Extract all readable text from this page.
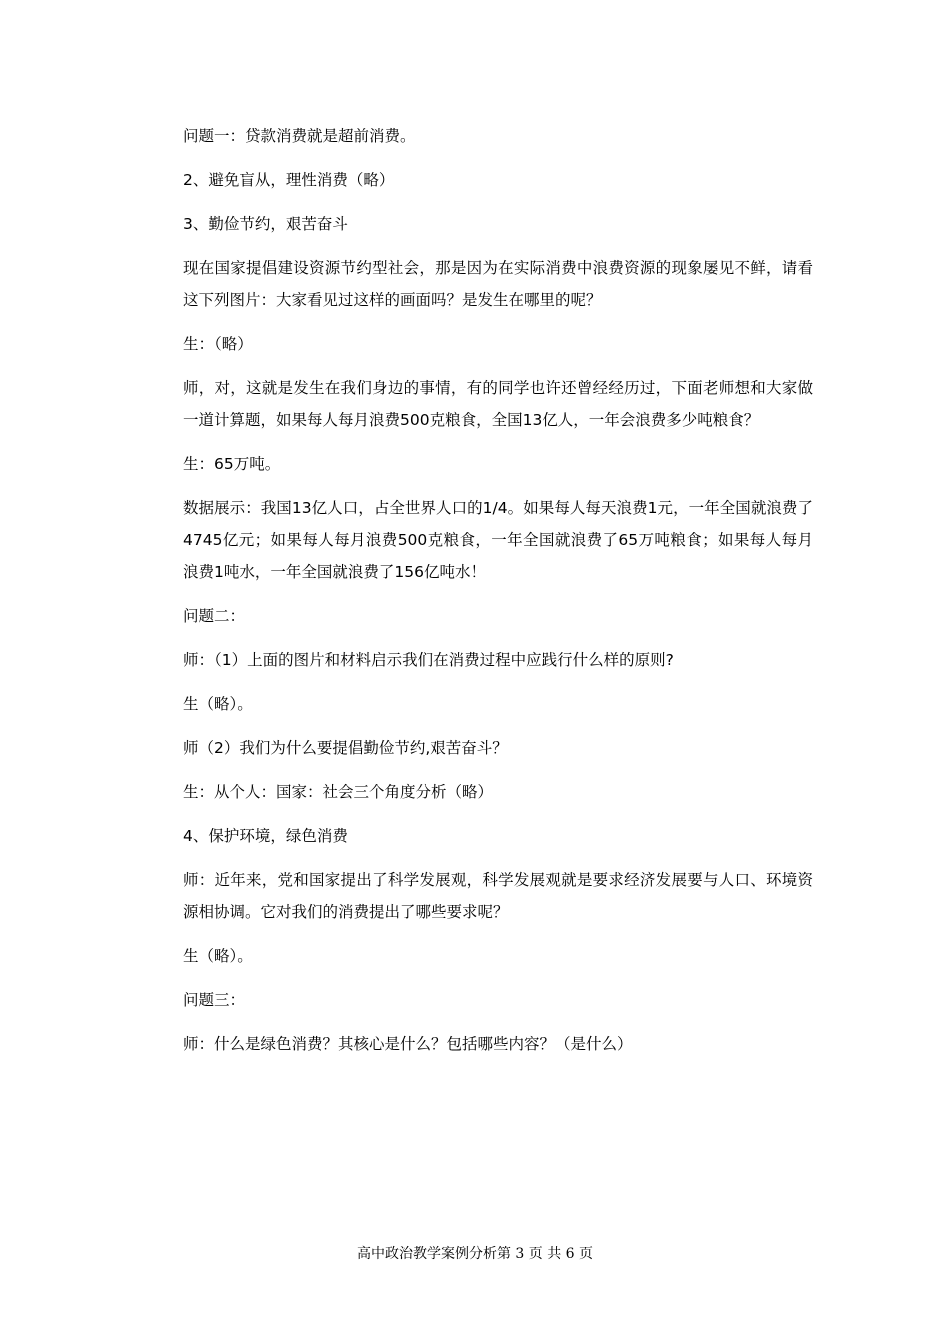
问题一：贷款消费就是超前消费。

2、避免盲从，理性消费（略）

3、勤俭节约，艰苦奋斗

现在国家提倡建设资源节约型社会，那是因为在实际消费中浪费资源的现象屡见不鲜，请看这下列图片：大家看见过这样的画面吗？是发生在哪里的呢？

生：（略）

师，对，这就是发生在我们身边的事情，有的同学也许还曾经经历过，下面老师想和大家做一道计算题，如果每人每月浪费500克粮食，全国13亿人，一年会浪费多少吨粮食？

生：65万吨。

数据展示：我国13亿人口，占全世界人口的1/4。如果每人每天浪费1元，一年全国就浪费了4745亿元；如果每人每月浪费500克粮食，一年全国就浪费了65万吨粮食；如果每人每月浪费1吨水，一年全国就浪费了156亿吨水！

问题二：

师：（1）上面的图片和材料启示我们在消费过程中应践行什么样的原则?

生（略）。

师（2）我们为什么要提倡勤俭节约,艰苦奋斗？

生：从个人：国家：社会三个角度分析（略）

4、保护环境，绿色消费

师：近年来，党和国家提出了科学发展观，科学发展观就是要求经济发展要与人口、环境资源相协调。它对我们的消费提出了哪些要求呢？

生（略）。

问题三：

师：什么是绿色消费？其核心是什么？包括哪些内容？（是什么）

高中政治教学案例分析第 3 页 共 6 页
